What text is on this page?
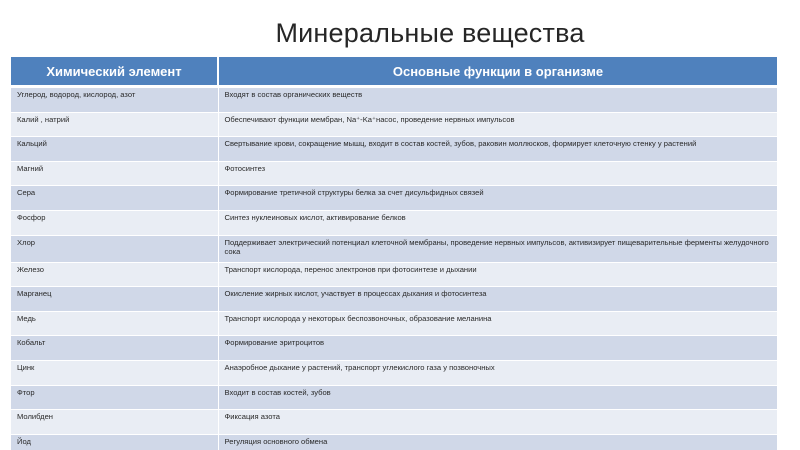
Минеральные вещества
Химический элемент	Основные функции в организме
Углерод, водород, кислород, азот	Входят в состав органических веществ
Калий , натрий	Обеспечивают функции мембран, Na⁺-Ka⁺насос, проведение нервных импульсов
Кальций	Свертывание крови, сокращение мышц, входит в состав костей, зубов, раковин моллюсков, формирует клеточную стенку у растений
Магний	Фотосинтез
Сера	Формирование третичной структуры белка за счет дисульфидных связей
Фосфор	Синтез нуклеиновых кислот, активирование белков
Хлор	Поддерживает электрический потенциал клеточной мембраны, проведение нервных импульсов, активизирует пищеварительные ферменты желудочного сока
Железо	Транспорт кислорода, перенос электронов при фотосинтезе и дыхании
Марганец	Окисление жирных кислот, участвует в процессах дыхания и фотосинтеза
Медь	Транспорт кислорода у некоторых беспозвоночных, образование меланина
Кобальт	Формирование эритроцитов
Цинк	Анаэробное дыхание у растений, транспорт углекислого газа у позвоночных
Фтор	Входит в состав костей, зубов
Молибден	Фиксация азота
Йод	Регуляция основного обмена
